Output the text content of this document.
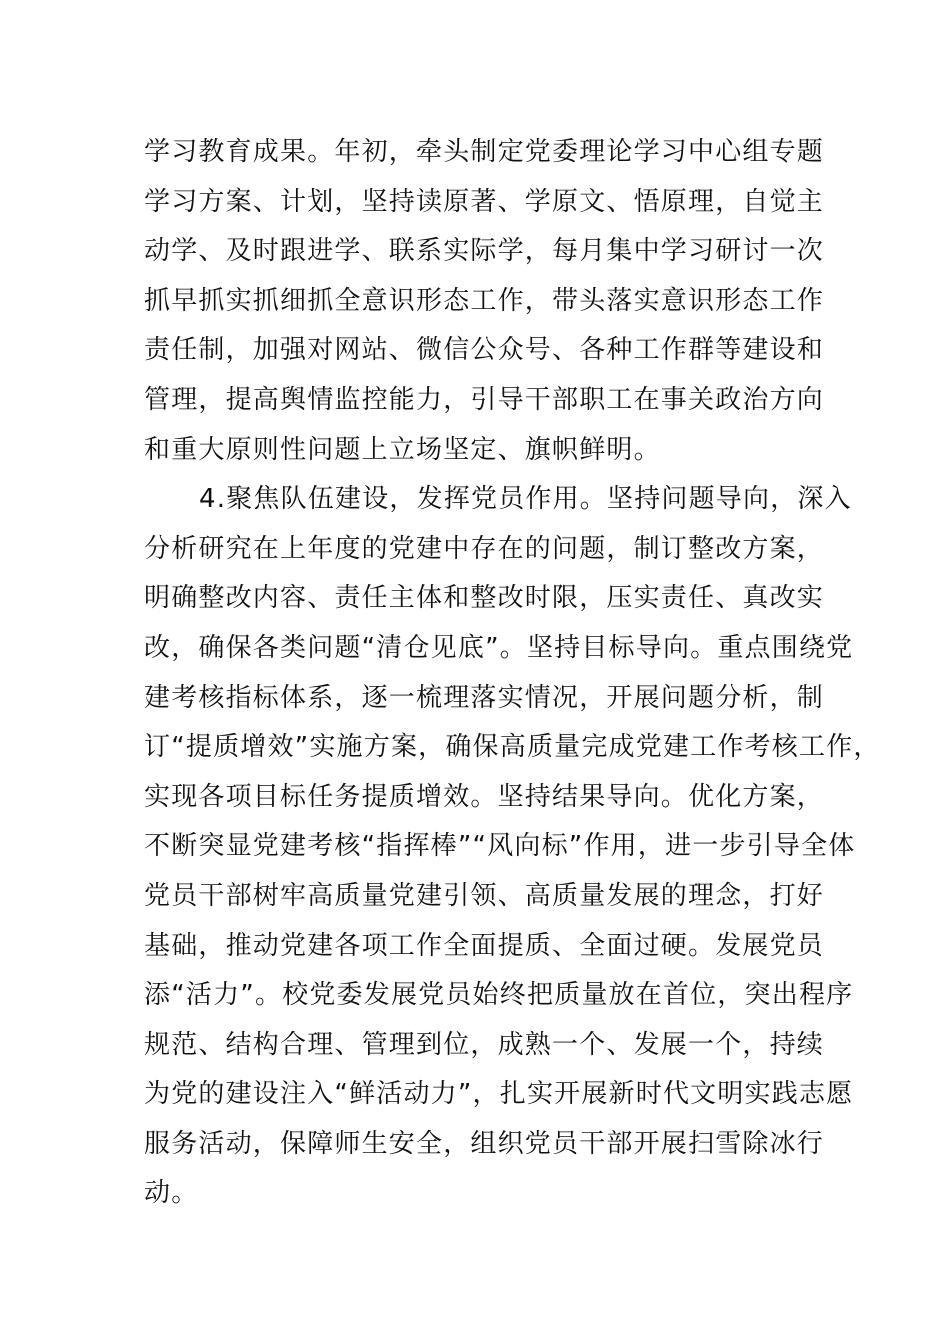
学习教育成果。年初，牵头制定党委理论学习中心组专题
学习方案、计划，坚持读原著、学原文、悟原理，自觉主
动学、及时跟进学、联系实际学，每月集中学习研讨一次
抓早抓实抓细抓全意识形态工作，带头落实意识形态工作
责任制，加强对网站、微信公众号、各种工作群等建设和
管理，提高舆情监控能力，引导干部职工在事关政治方向
和重大原则性问题上立场坚定、旗帜鲜明。
4.聚焦队伍建设，发挥党员作用。坚持问题导向，深入
分析研究在上年度的党建中存在的问题，制订整改方案，
明确整改内容、责任主体和整改时限，压实责任、真改实
改，确保各类问题“清仓见底”。坚持目标导向。重点围绕党
建考核指标体系，逐一梳理落实情况，开展问题分析，制
订“提质增效”实施方案，确保高质量完成党建工作考核工作，
实现各项目标任务提质增效。坚持结果导向。优化方案，
不断突显党建考核“指挥棒”“风向标”作用，进一步引导全体
党员干部树牢高质量党建引领、高质量发展的理念，打好
基础，推动党建各项工作全面提质、全面过硬。发展党员
添“活力”。校党委发展党员始终把质量放在首位，突出程序
规范、结构合理、管理到位，成熟一个、发展一个，持续
为党的建设注入“鲜活动力”，扎实开展新时代文明实践志愿
服务活动，保障师生安全，组织党员干部开展扫雪除冰行
动。
